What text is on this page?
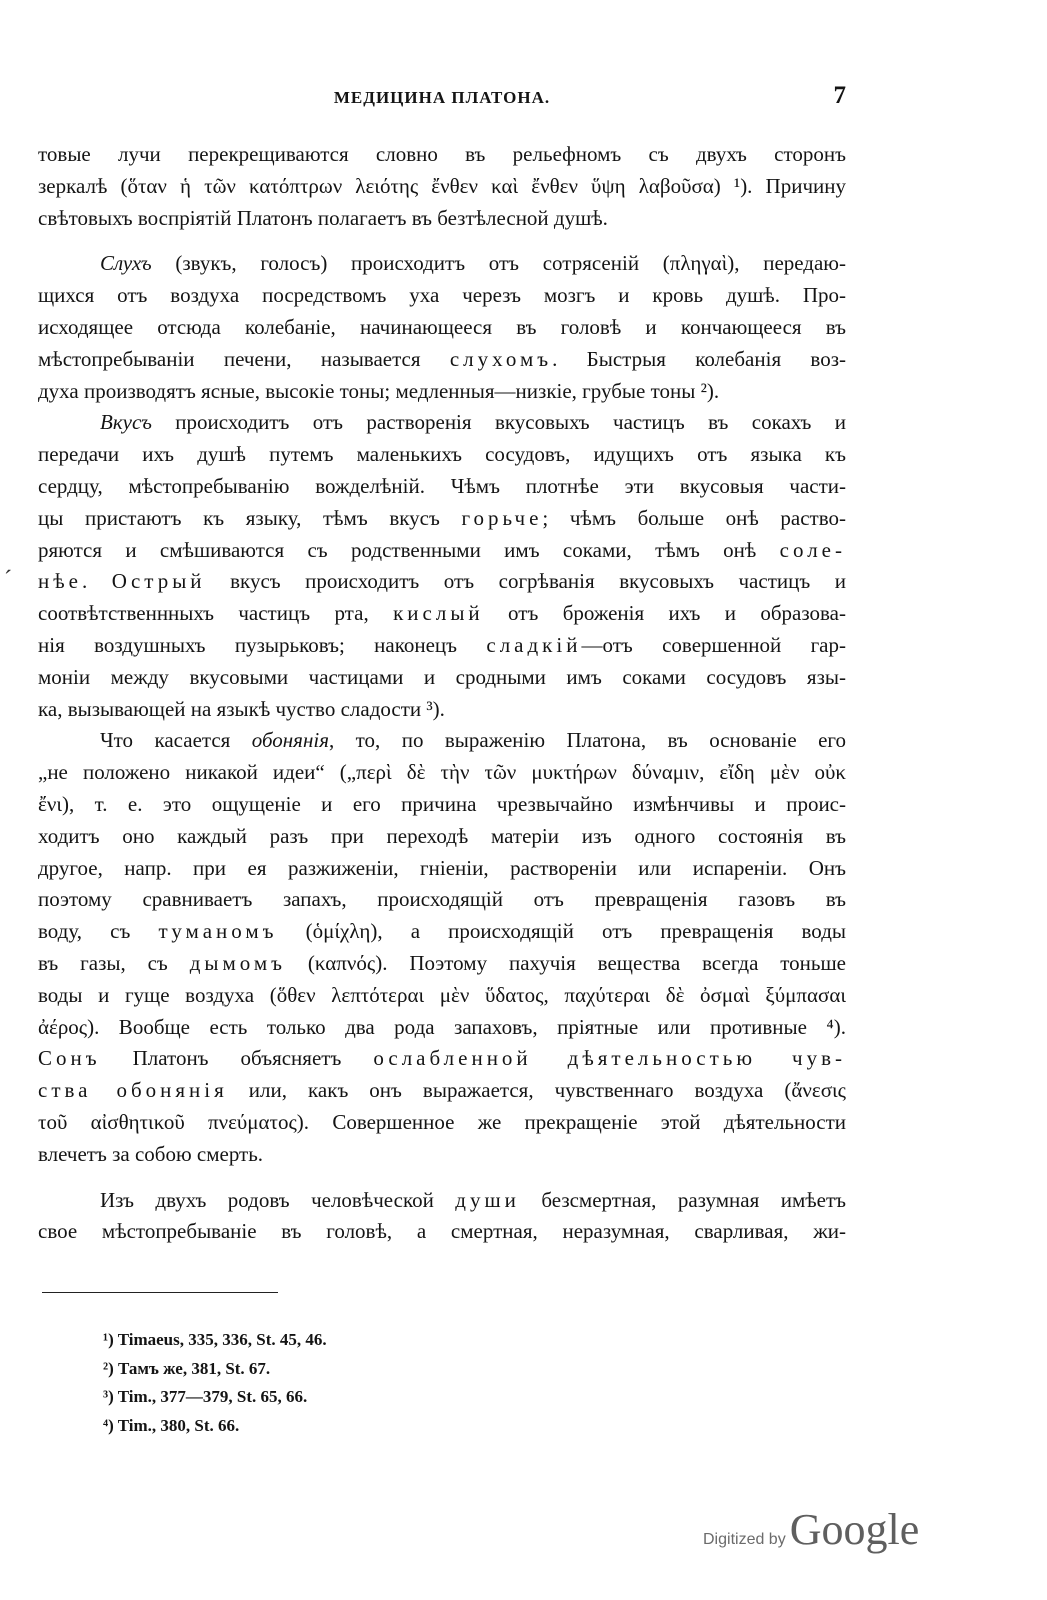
МЕДИЦИНА ПЛАТОНА.	7
´

товые лучи перекрещиваются словно въ рельефномъ съ двухъ сторонъ
зеркалѣ (ὅταν ἡ τῶν κατόπτρων λειότης ἔνθεν καὶ ἔνθεν ὕψη λαβοῦσα) ¹). Причину
свѣтовыхъ воспріятій Платонъ полагаетъ въ безтѣлесной душѣ.

Слухъ (звукъ, голосъ) происходитъ отъ сотрясеній (πληγαὶ), передаю-
щихся отъ воздуха посредствомъ уха черезъ мозгъ и кровь душѣ. Про-
исходящее отсюда колебаніе, начинающееся въ головѣ и кончающееся въ
мѣстопребываніи печени, называется слухомъ. Быстрыя колебанія воз-
духа производятъ ясные, высокіе тоны; медленныя—низкіе, грубые тоны ²).

Вкусъ происходитъ отъ растворенія вкусовыхъ частицъ въ сокахъ и
передачи ихъ душѣ путемъ маленькихъ сосудовъ, идущихъ отъ языка къ
сердцу, мѣстопребыванію вожделѣній. Чѣмъ плотнѣе эти вкусовыя части-
цы пристаютъ къ языку, тѣмъ вкусъ горьче; чѣмъ больше онѣ раство-
ряются и смѣшиваются съ родственными имъ соками, тѣмъ онѣ соле-
нѣе. Острый вкусъ происходитъ отъ согрѣванія вкусовыхъ частицъ и
соотвѣтственнныхъ частицъ рта, кислый отъ броженія ихъ и образова-
нія воздушныхъ пузырьковъ; наконецъ сладкій—отъ совершенной гар-
моніи между вкусовыми частицами и сродными имъ соками сосудовъ язы-
ка, вызывающей на языкѣ чуство сладости ³).

Что касается обонянія, то, по выраженію Платона, въ основаніе его
„не положено никакой идеи“ („περὶ δὲ τὴν τῶν μυκτήρων δύναμιν, εἴδη μὲν οὐκ
ἔνι), т. е. это ощущеніе и его причина чрезвычайно измѣнчивы и проис-
ходитъ оно каждый разъ при переходѣ матеріи изъ одного состоянія въ
другое, напр. при ея разжиженіи, гніеніи, раствореніи или испареніи. Онъ
поэтому сравниваетъ запахъ, происходящій отъ превращенія газовъ въ
воду, съ туманомъ (ὁμίχλη), а происходящій отъ превращенія воды
въ газы, съ дымомъ (καπνός). Поэтому пахучія вещества всегда тоньше
воды и гуще воздуха (ὅθεν λεπτότεραι μὲν ὕδατος, παχύτεραι δὲ ὀσμαὶ ξύμπασαι
ἀέρος). Вообще есть только два рода запаховъ, пріятные или противные ⁴).
Сонъ Платонъ объясняетъ ослабленной дѣятельностью чув-
ства обонянія или, какъ онъ выражается, чувственнаго воздуха (ἄνεσις
τοῦ αἰσθητικοῦ πνεύματος). Совершенное же прекращеніе этой дѣятельности
влечетъ за собою смерть.

Изъ двухъ родовъ человѣческой души безсмертная, разумная имѣетъ
свое мѣстопребываніе въ головѣ, а смертная, неразумная, сварливая, жи-

¹) Timaeus, 335, 336, St. 45, 46.
²) Тамъ же, 381, St. 67.
³) Tim., 377—379, St. 65, 66.
⁴) Tim., 380, St. 66.
Digitized by Google
